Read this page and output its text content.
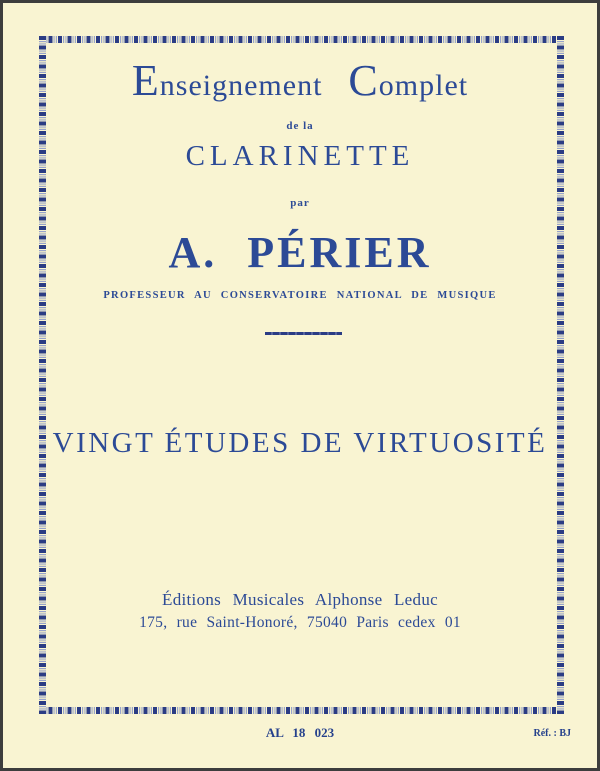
Enseignement Complet
de la
CLARINETTE
par
A. PÉRIER
PROFESSEUR AU CONSERVATOIRE NATIONAL DE MUSIQUE
VINGT ÉTUDES DE VIRTUOSITÉ
Éditions Musicales Alphonse Leduc
175, rue Saint-Honoré, 75040 Paris cedex 01
AL 18 023	Réf. : BJ
